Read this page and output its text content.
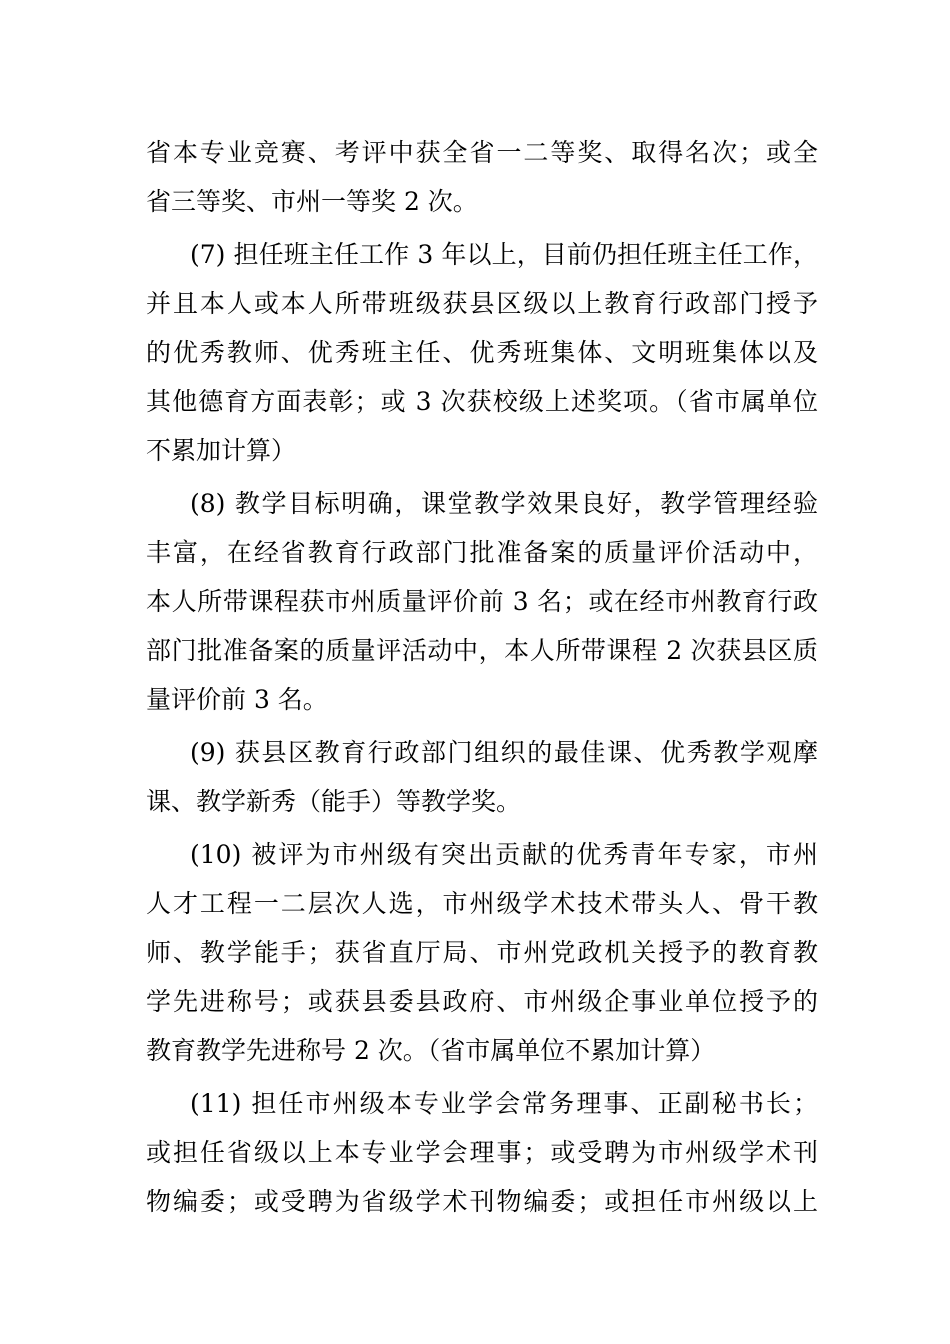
省本专业竞赛、考评中获全省一二等奖、取得名次；或全
省三等奖、市州一等奖 2 次。
(7) 担任班主任工作 3 年以上，目前仍担任班主任工作，
并且本人或本人所带班级获县区级以上教育行政部门授予
的优秀教师、优秀班主任、优秀班集体、文明班集体以及
其他德育方面表彰；或 3 次获校级上述奖项。（省市属单位
不累加计算）
(8) 教学目标明确，课堂教学效果良好，教学管理经验
丰富，在经省教育行政部门批准备案的质量评价活动中，
本人所带课程获市州质量评价前 3 名；或在经市州教育行政
部门批准备案的质量评活动中，本人所带课程 2 次获县区质
量评价前 3 名。
(9) 获县区教育行政部门组织的最佳课、优秀教学观摩
课、教学新秀（能手）等教学奖。
(10) 被评为市州级有突出贡献的优秀青年专家，市州
人才工程一二层次人选，市州级学术技术带头人、骨干教
师、教学能手；获省直厅局、市州党政机关授予的教育教
学先进称号；或获县委县政府、市州级企事业单位授予的
教育教学先进称号 2 次。（省市属单位不累加计算）
(11) 担任市州级本专业学会常务理事、正副秘书长；
或担任省级以上本专业学会理事；或受聘为市州级学术刊
物编委；或受聘为省级学术刊物编委；或担任市州级以上
